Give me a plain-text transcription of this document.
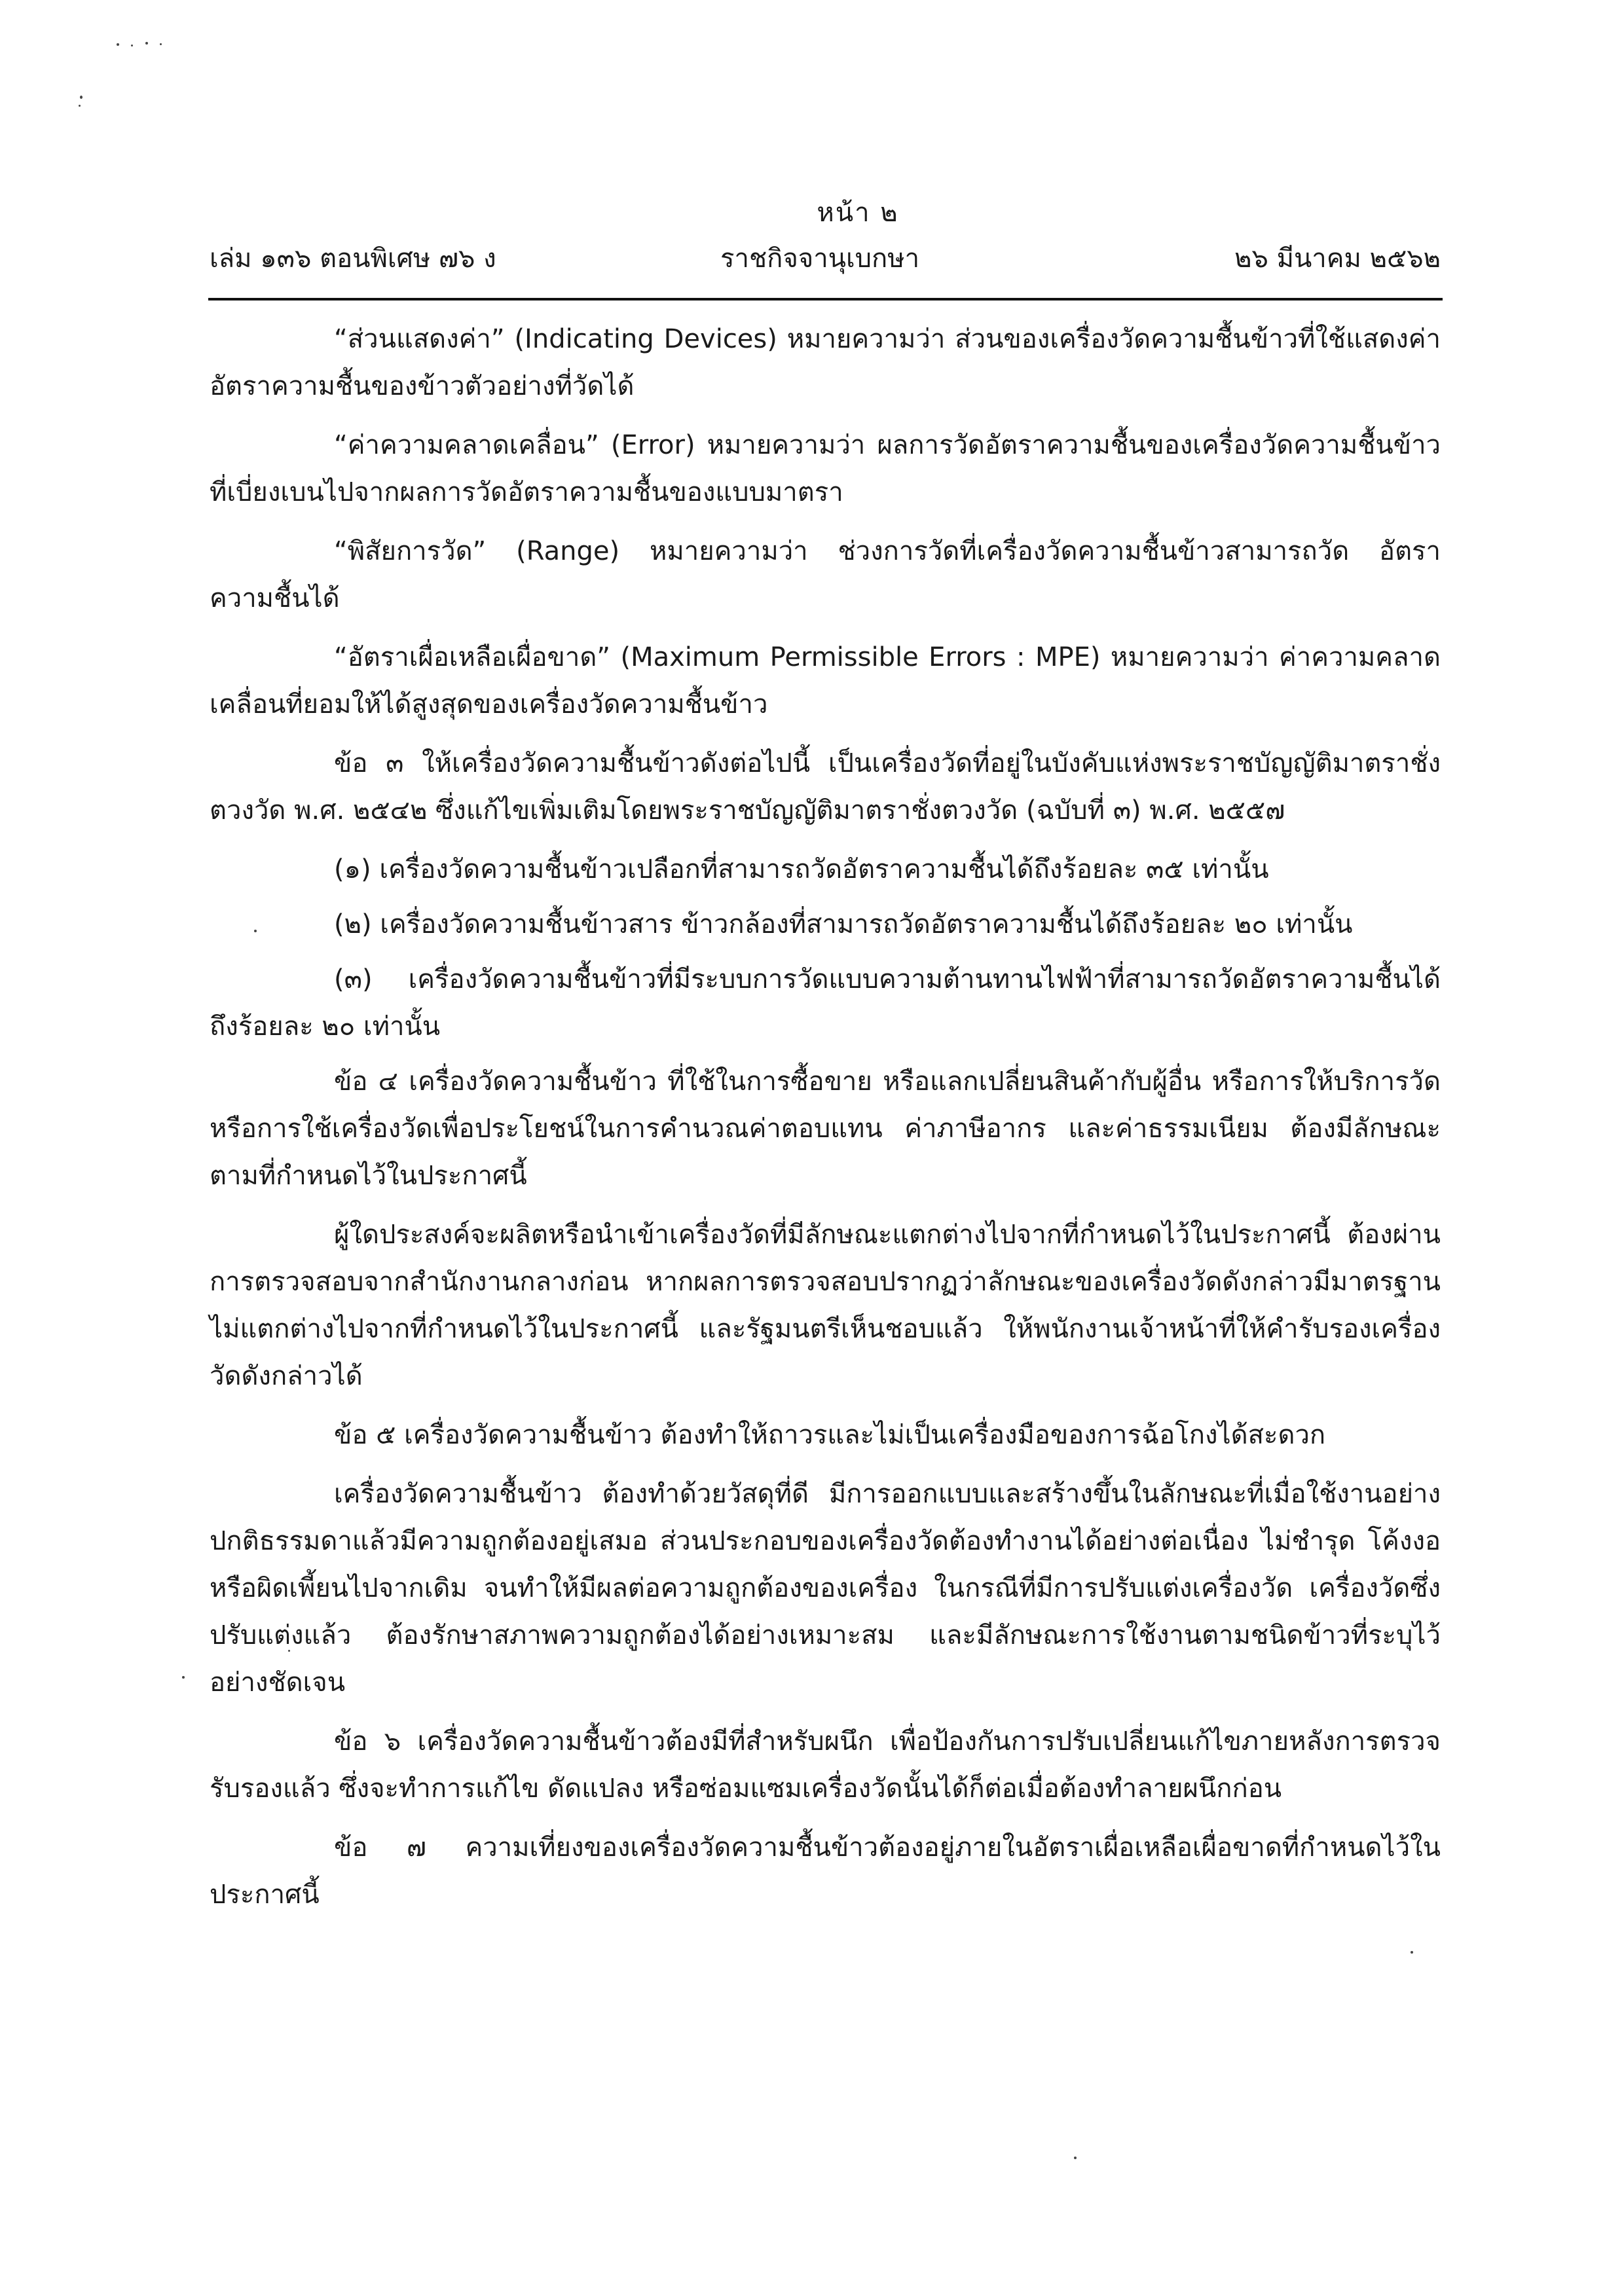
หน้า ๒
เล่ม ๑๓๖ ตอนพิเศษ ๗๖ ง	ราชกิจจานุเบกษา	๒๖ มีนาคม ๒๕๖๒

“ส่วนแสดงค่า” (Indicating Devices) หมายความว่า ส่วนของเครื่องวัดความชื้นข้าวที่ใช้แสดงค่าอัตราความชื้นของข้าวตัวอย่างที่วัดได้

“ค่าความคลาดเคลื่อน” (Error) หมายความว่า ผลการวัดอัตราความชื้นของเครื่องวัดความชื้นข้าวที่เบี่ยงเบนไปจากผลการวัดอัตราความชื้นของแบบมาตรา

“พิสัยการวัด” (Range) หมายความว่า ช่วงการวัดที่เครื่องวัดความชื้นข้าวสามารถวัด อัตราความชื้นได้

“อัตราเผื่อเหลือเผื่อขาด” (Maximum Permissible Errors : MPE) หมายความว่า ค่าความคลาดเคลื่อนที่ยอมให้ได้สูงสุดของเครื่องวัดความชื้นข้าว

ข้อ ๓ ให้เครื่องวัดความชื้นข้าวดังต่อไปนี้ เป็นเครื่องวัดที่อยู่ในบังคับแห่งพระราชบัญญัติมาตราชั่งตวงวัด พ.ศ. ๒๕๔๒ ซึ่งแก้ไขเพิ่มเติมโดยพระราชบัญญัติมาตราชั่งตวงวัด (ฉบับที่ ๓) พ.ศ. ๒๕๕๗

(๑) เครื่องวัดความชื้นข้าวเปลือกที่สามารถวัดอัตราความชื้นได้ถึงร้อยละ ๓๕ เท่านั้น

(๒) เครื่องวัดความชื้นข้าวสาร ข้าวกล้องที่สามารถวัดอัตราความชื้นได้ถึงร้อยละ ๒๐ เท่านั้น

(๓) เครื่องวัดความชื้นข้าวที่มีระบบการวัดแบบความต้านทานไฟฟ้าที่สามารถวัดอัตราความชื้นได้ถึงร้อยละ ๒๐ เท่านั้น

ข้อ ๔ เครื่องวัดความชื้นข้าว ที่ใช้ในการซื้อขาย หรือแลกเปลี่ยนสินค้ากับผู้อื่น หรือการให้บริการวัด หรือการใช้เครื่องวัดเพื่อประโยชน์ในการคำนวณค่าตอบแทน ค่าภาษีอากร และค่าธรรมเนียม ต้องมีลักษณะตามที่กำหนดไว้ในประกาศนี้

ผู้ใดประสงค์จะผลิตหรือนำเข้าเครื่องวัดที่มีลักษณะแตกต่างไปจากที่กำหนดไว้ในประกาศนี้ ต้องผ่านการตรวจสอบจากสำนักงานกลางก่อน หากผลการตรวจสอบปรากฏว่าลักษณะของเครื่องวัดดังกล่าวมีมาตรฐานไม่แตกต่างไปจากที่กำหนดไว้ในประกาศนี้ และรัฐมนตรีเห็นชอบแล้ว ให้พนักงานเจ้าหน้าที่ให้คำรับรองเครื่องวัดดังกล่าวได้

ข้อ ๕ เครื่องวัดความชื้นข้าว ต้องทำให้ถาวรและไม่เป็นเครื่องมือของการฉ้อโกงได้สะดวก

เครื่องวัดความชื้นข้าว ต้องทำด้วยวัสดุที่ดี มีการออกแบบและสร้างขึ้นในลักษณะที่เมื่อใช้งานอย่างปกติธรรมดาแล้วมีความถูกต้องอยู่เสมอ ส่วนประกอบของเครื่องวัดต้องทำงานได้อย่างต่อเนื่อง ไม่ชำรุด โค้งงอ หรือผิดเพี้ยนไปจากเดิม จนทำให้มีผลต่อความถูกต้องของเครื่อง ในกรณีที่มีการปรับแต่งเครื่องวัด เครื่องวัดซึ่งปรับแต่งแล้ว ต้องรักษาสภาพความถูกต้องได้อย่างเหมาะสม และมีลักษณะการใช้งานตามชนิดข้าวที่ระบุไว้อย่างชัดเจน

ข้อ ๖ เครื่องวัดความชื้นข้าวต้องมีที่สำหรับผนึก เพื่อป้องกันการปรับเปลี่ยนแก้ไขภายหลังการตรวจรับรองแล้ว ซึ่งจะทำการแก้ไข ดัดแปลง หรือซ่อมแซมเครื่องวัดนั้นได้ก็ต่อเมื่อต้องทำลายผนึกก่อน

ข้อ ๗ ความเที่ยงของเครื่องวัดความชื้นข้าวต้องอยู่ภายในอัตราเผื่อเหลือเผื่อขาดที่กำหนดไว้ในประกาศนี้
